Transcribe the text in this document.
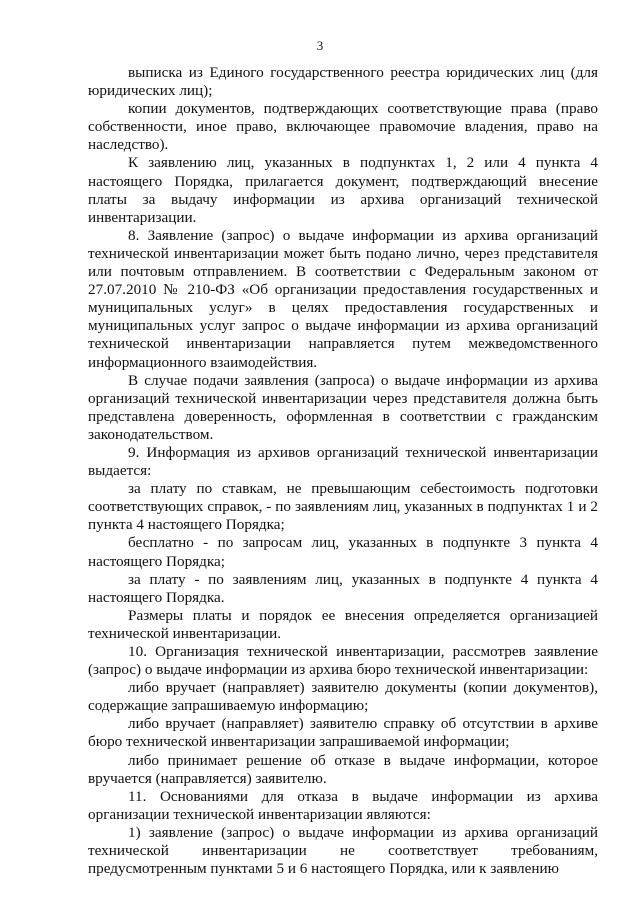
3

выписка из Единого государственного реестра юридических лиц (для юридических лиц);

копии документов, подтверждающих соответствующие права (право собственности, иное право, включающее правомочие владения, право на наследство).

К заявлению лиц, указанных в подпунктах 1, 2 или 4 пункта 4 настоящего Порядка, прилагается документ, подтверждающий внесение платы за выдачу информации из архива организаций технической инвентаризации.

8. Заявление (запрос) о выдаче информации из архива организаций технической инвентаризации может быть подано лично, через представителя или почтовым отправлением. В соответствии с Федеральным законом от 27.07.2010 № 210-ФЗ «Об организации предоставления государственных и муниципальных услуг» в целях предоставления государственных и муниципальных услуг запрос о выдаче информации из архива организаций технической инвентаризации направляется путем межведомственного информационного взаимодействия.

В случае подачи заявления (запроса) о выдаче информации из архива организаций технической инвентаризации через представителя должна быть представлена доверенность, оформленная в соответствии с гражданским законодательством.

9. Информация из архивов организаций технической инвентаризации выдается:

за плату по ставкам, не превышающим себестоимость подготовки соответствующих справок, - по заявлениям лиц, указанных в подпунктах 1 и 2 пункта 4 настоящего Порядка;

бесплатно - по запросам лиц, указанных в подпункте 3 пункта 4 настоящего Порядка;

за плату - по заявлениям лиц, указанных в подпункте 4 пункта 4 настоящего Порядка.

Размеры платы и порядок ее внесения определяется организацией технической инвентаризации.

10. Организация технической инвентаризации, рассмотрев заявление (запрос) о выдаче информации из архива бюро технической инвентаризации:

либо вручает (направляет) заявителю документы (копии документов), содержащие запрашиваемую информацию;

либо вручает (направляет) заявителю справку об отсутствии в архиве бюро технической инвентаризации запрашиваемой информации;

либо принимает решение об отказе в выдаче информации, которое вручается (направляется) заявителю.

11. Основаниями для отказа в выдаче информации из архива организации технической инвентаризации являются:

1) заявление (запрос) о выдаче информации из архива организаций технической инвентаризации не соответствует требованиям, предусмотренным пунктами 5 и 6 настоящего Порядка, или к заявлению
